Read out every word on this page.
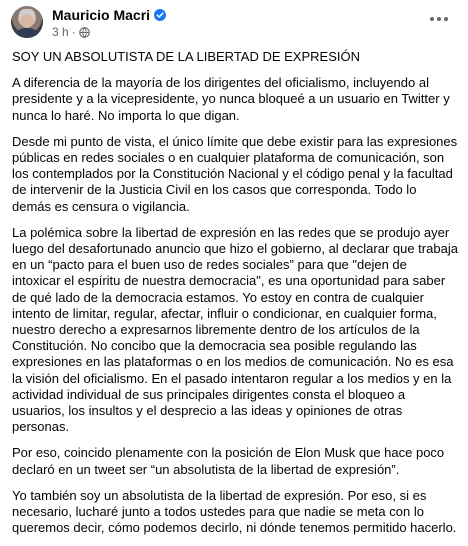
Mauricio Macri
3 h ·

SOY UN ABSOLUTISTA DE LA LIBERTAD DE EXPRESIÓN

A diferencia de la mayoría de los dirigentes del oficialismo, incluyendo al presidente y a la vicepresidente, yo nunca bloqueé a un usuario en Twitter y nunca lo haré. No importa lo que digan.

Desde mi punto de vista, el único límite que debe existir para las expresiones públicas en redes sociales o en cualquier plataforma de comunicación, son los contemplados por la Constitución Nacional y el código penal y la facultad de intervenir de la Justicia Civil en los casos que corresponda. Todo lo demás es censura o vigilancia.

La polémica sobre la libertad de expresión en las redes que se produjo ayer luego del desafortunado anuncio que hizo el gobierno, al declarar que trabaja en un “pacto para el buen uso de redes sociales” para que "dejen de intoxicar el espíritu de nuestra democracia", es una oportunidad para saber de qué lado de la democracia estamos. Yo estoy en contra de cualquier intento de limitar, regular, afectar, influir o condicionar, en cualquier forma, nuestro derecho a expresarnos libremente dentro de los artículos de la Constitución. No concibo que la democracia sea posible regulando las expresiones en las plataformas o en los medios de comunicación. No es esa la visión del oficialismo. En el pasado intentaron regular a los medios y en la actividad individual de sus principales dirigentes consta el bloqueo a usuarios, los insultos y el desprecio a las ideas y opiniones de otras personas.

Por eso, coincido plenamente con la posición de Elon Musk que hace poco declaró en un tweet ser “un absolutista de la libertad de expresión”.

Yo también soy un absolutista de la libertad de expresión. Por eso, si es necesario, lucharé junto a todos ustedes para que nadie se meta con lo queremos decir, cómo podemos decirlo, ni dónde tenemos permitido hacerlo.
